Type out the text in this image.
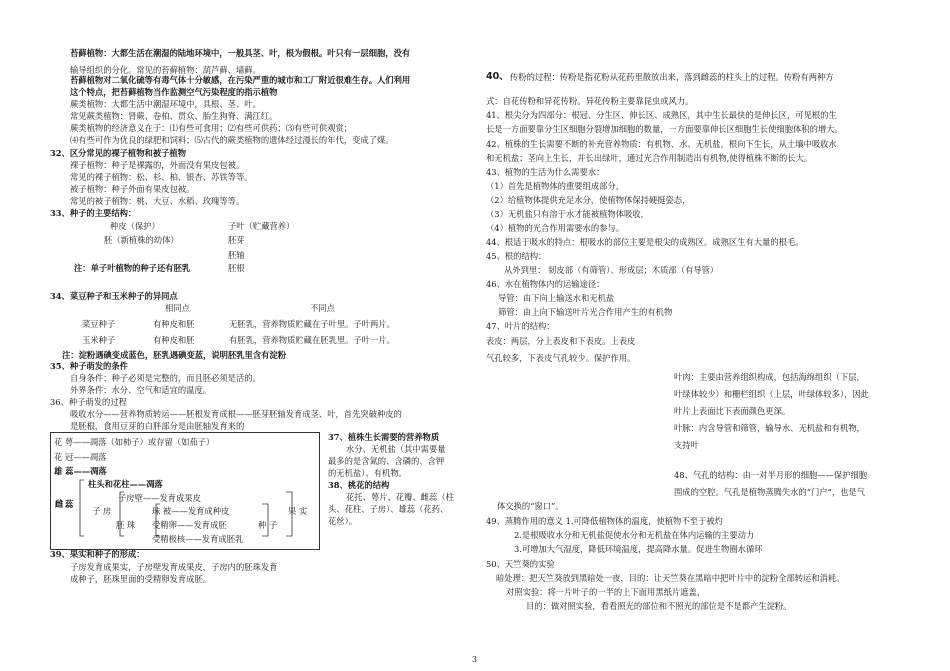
苔藓植物：大都生活在潮湿的陆地环境中，一般具茎、叶，根为假根。叶只有一层细胞，没有
输导组织的分化。常见的苔藓植物：葫芦藓、墙藓。
苔藓植物对二氧化硫等有毒气体十分敏感，在污染严重的城市和工厂附近很难生存。人们利用
这个特点，把苔藓植物当作监测空气污染程度的指示植物
蕨类植物：大都生活中潮湿环境中，具根、茎、叶。
常见蕨类植物：肾蕨、卷柏、贯众、胎生狗脊、满江红。
蕨类植物的经济意义在于：⑴有些可食用；⑵有些可供药；⑶有些可供观赏；
⑷有些可作为优良的绿肥和饲料；⑸古代的蕨类植物的遗体经过漫长的年代，变成了煤。
32、区分常见的裸子植物和被子植物
裸子植物：种子是裸露的，外面没有果皮包被。
常见的裸子植物：松、杉、柏、银杏、苏铁等等。
被子植物：种子外面有果皮包被。
常见的被子植物：桃、大豆、水稻、玫瑰等等。
33、种子的主要结构：
种皮（保护）	子叶（贮藏营养）
胚（新植株的幼体）	胚芽
胚轴
注：单子叶植物的种子还有胚乳	胚根
34、菜豆种子和玉米种子的异同点
相同点	不同点
菜豆种子	有种皮和胚	无胚乳，营养物质贮藏在子叶里。子叶两片。
玉米种子	有种皮和胚	有胚乳，营养物质贮藏在胚乳里。子叶一片。
注：淀粉遇碘变成蓝色，胚乳遇碘变蓝，说明胚乳里含有淀粉
35、种子萌发的条件
自身条件：种子必须是完整的，而且胚必须是活的。
外界条件：水分、空气和适宜的温度。
36、种子萌发的过程
吸收水分——营养物质转运——胚根发育成根——胚芽胚轴发育成茎、叶，首先突破种皮的
是胚根，食用豆芽的白胖部分是由胚轴发育来的
花 萼——凋落（如柿子）或存留（如茄子）
花 冠——凋落
雄 蕊——凋落
柱头和花柱——凋落
子房壁——发育成果皮
珠 被——发育成种皮
受精卵——发育成胚
受精极核——发育成胚乳
雌 蕊
子 房
胚 珠	种 子
果 实
37、植株生长需要的营养物质
水分、无机盐（其中需要量
最多的是含氮的、含磷的、含钾
的无机盐）、有机物。
38、桃花的结构
花托、萼片、花瓣、雌蕊（柱
头、花柱、子房）、雄蕊（花药、
花丝）。
39、果实和种子的形成：
子房发育成果实，子房壁发育成果皮，子房内的胚珠发育
成种子，胚珠里面的受精卵发育成胚。
40、 传粉的过程：传粉是指花粉从花药里散放出来，落到雌蕊的柱头上的过程。传粉有两种方
式：自花传粉和异花传粉。异花传粉主要靠昆虫或风力。
41、根尖分为四部分：根冠、分生区、伸长区、成熟区，其中生长最快的是伸长区，可见根的生
长是一方面要靠分生区细胞分裂增加细胞的数量，一方面要靠伸长区细胞生长使细胞体积的增大。
42、植株的生长需要不断的补充营养物质：有机物、水、无机盐，根向下生长，从土壤中吸收水
和无机盐；茎向上生长，并长出绿叶，通过光合作用制造出有机物,使得植株不断的长大。
43、植物的生活为什么需要水：
（1）首先是植物体的重要组成部分，
（2）给植物体提供充足水分，使植物体保持硬挺姿态，
（3）无机盐只有溶于水才能被植物体吸收，
（4）植物的光合作用需要水的参与。
44、根适于吸水的特点：根吸水的部位主要是根尖的成熟区。成熟区生有大量的根毛。
45、根的结构：
从外到里： 韧皮部（有筛管）、形成层；木质部（有导管）
46、水在植物体内的运输途径：
导管：由下向上输送水和无机盐
筛管：由上向下输送叶片光合作用产生的有机物
47、叶片的结构：
表皮：两层，分上表皮和下表皮。上表皮
气孔较多，下表皮气孔较少。保护作用。
叶肉：主要由营养组织构成，包括海绵组织（下层，
叶绿体较少）和栅栏组织（上层，叶绿体较多），因此
叶片上表面比下表面颜色更深。
叶脉：内含导管和筛管，输导水、无机盐和有机物，
支持叶
48、气孔的结构：由一对半月形的细胞——保护细胞
围成的空腔。气孔是植物蒸腾失水的“门户”，也是气
体交换的“窗口”。
49、蒸腾作用的意义 1.可降低植物体的温度，使植物不至于被灼
2.是根吸收水分和无机盐促使水分和无机盐在体内运输的主要动力
3.可增加大气湿度，降低环境温度，提高降水量。促进生物圈水循环
50、天竺葵的实验
暗处理：把天竺葵放到黑暗处一夜，目的：让天竺葵在黑暗中把叶片中的淀粉全部转运和消耗。
对照实验：将一片叶子的一半的上下面用黑纸片遮盖，
目的：做对照实验，看看照光的部位和不照光的部位是不是都产生淀粉。
3
